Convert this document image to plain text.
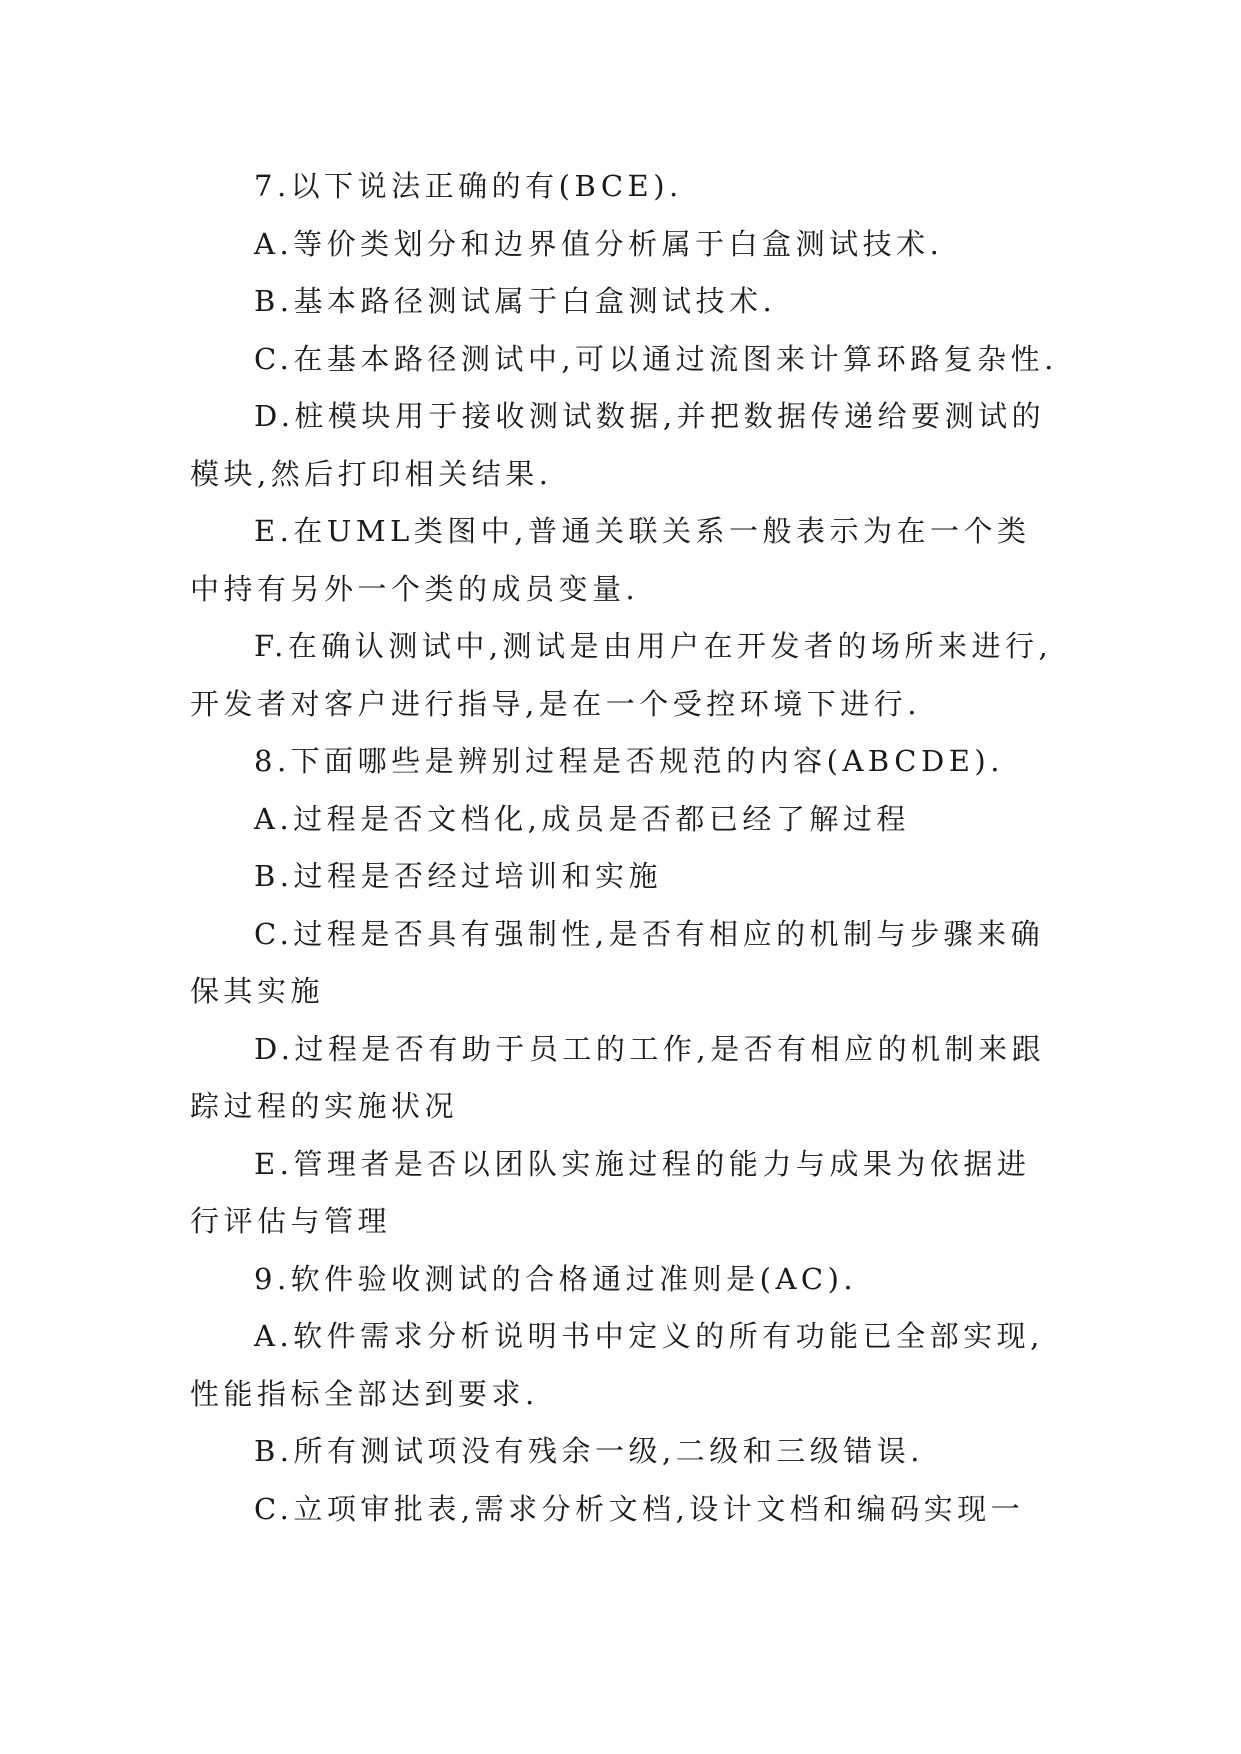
7.以下说法正确的有(BCE).

A.等价类划分和边界值分析属于白盒测试技术.

B.基本路径测试属于白盒测试技术.

C.在基本路径测试中,可以通过流图来计算环路复杂性.

D.桩模块用于接收测试数据,并把数据传递给要测试的模块,然后打印相关结果.

E.在UML类图中,普通关联关系一般表示为在一个类中持有另外一个类的成员变量.

F.在确认测试中,测试是由用户在开发者的场所来进行,开发者对客户进行指导,是在一个受控环境下进行.

8.下面哪些是辨别过程是否规范的内容(ABCDE).

A.过程是否文档化,成员是否都已经了解过程

B.过程是否经过培训和实施

C.过程是否具有强制性,是否有相应的机制与步骤来确保其实施

D.过程是否有助于员工的工作,是否有相应的机制来跟踪过程的实施状况

E.管理者是否以团队实施过程的能力与成果为依据进行评估与管理

9.软件验收测试的合格通过准则是(AC).

A.软件需求分析说明书中定义的所有功能已全部实现,性能指标全部达到要求.

B.所有测试项没有残余一级,二级和三级错误.

C.立项审批表,需求分析文档,设计文档和编码实现一
